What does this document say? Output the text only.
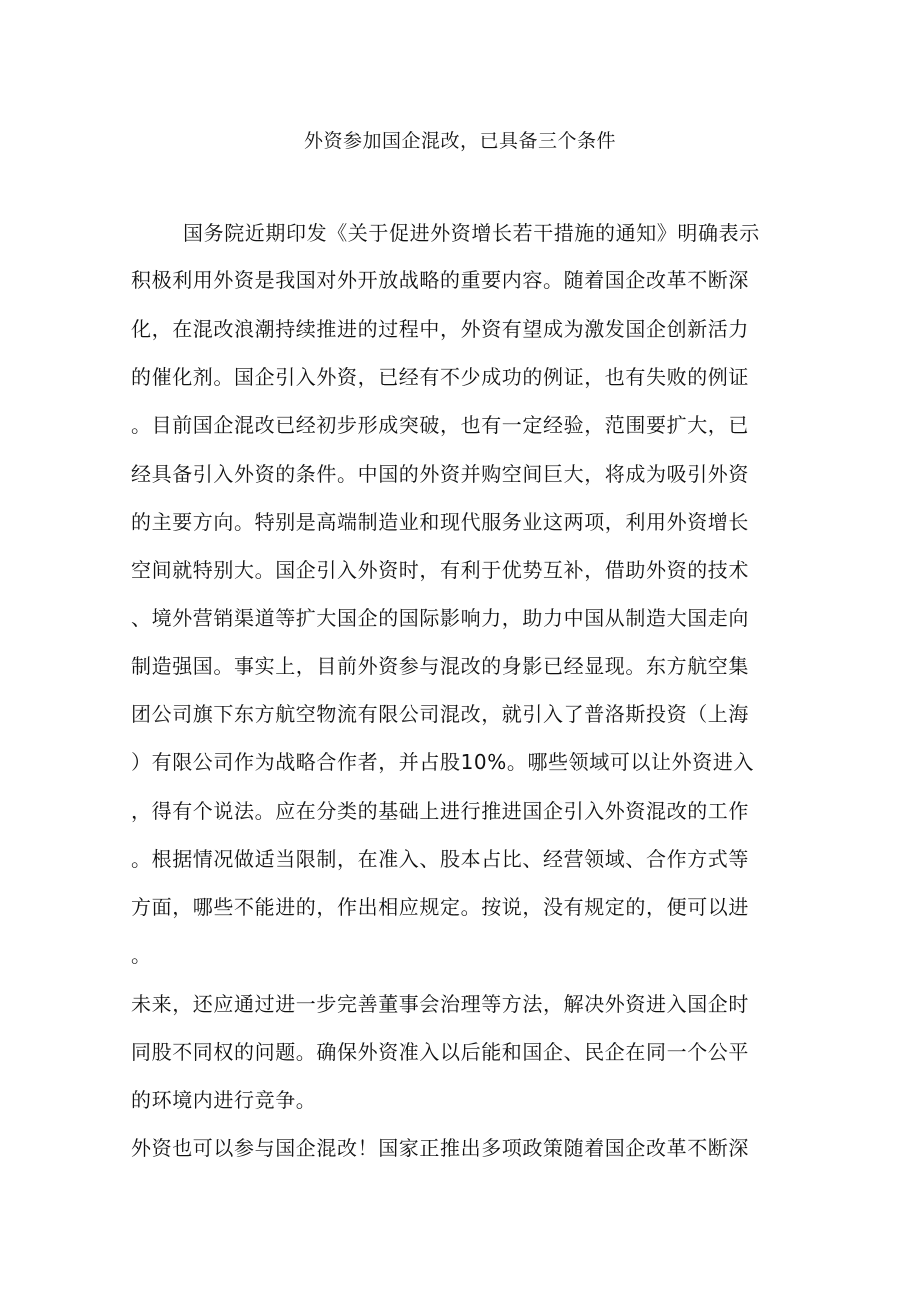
外资参加国企混改，已具备三个条件
国务院近期印发《关于促进外资增长若干措施的通知》明确表示
积极利用外资是我国对外开放战略的重要内容。随着国企改革不断深
化，在混改浪潮持续推进的过程中，外资有望成为激发国企创新活力
的催化剂。国企引入外资，已经有不少成功的例证，也有失败的例证
。目前国企混改已经初步形成突破，也有一定经验，范围要扩大，已
经具备引入外资的条件。中国的外资并购空间巨大，将成为吸引外资
的主要方向。特别是高端制造业和现代服务业这两项，利用外资增长
空间就特别大。国企引入外资时，有利于优势互补，借助外资的技术
、境外营销渠道等扩大国企的国际影响力，助力中国从制造大国走向
制造强国。事实上，目前外资参与混改的身影已经显现。东方航空集
团公司旗下东方航空物流有限公司混改，就引入了普洛斯投资（上海
）有限公司作为战略合作者，并占股10%。哪些领域可以让外资进入
，得有个说法。应在分类的基础上进行推进国企引入外资混改的工作
。根据情况做适当限制，在准入、股本占比、经营领域、合作方式等
方面，哪些不能进的，作出相应规定。按说，没有规定的，便可以进
。
未来，还应通过进一步完善董事会治理等方法，解决外资进入国企时
同股不同权的问题。确保外资准入以后能和国企、民企在同一个公平
的环境内进行竞争。
外资也可以参与国企混改！国家正推出多项政策随着国企改革不断深
